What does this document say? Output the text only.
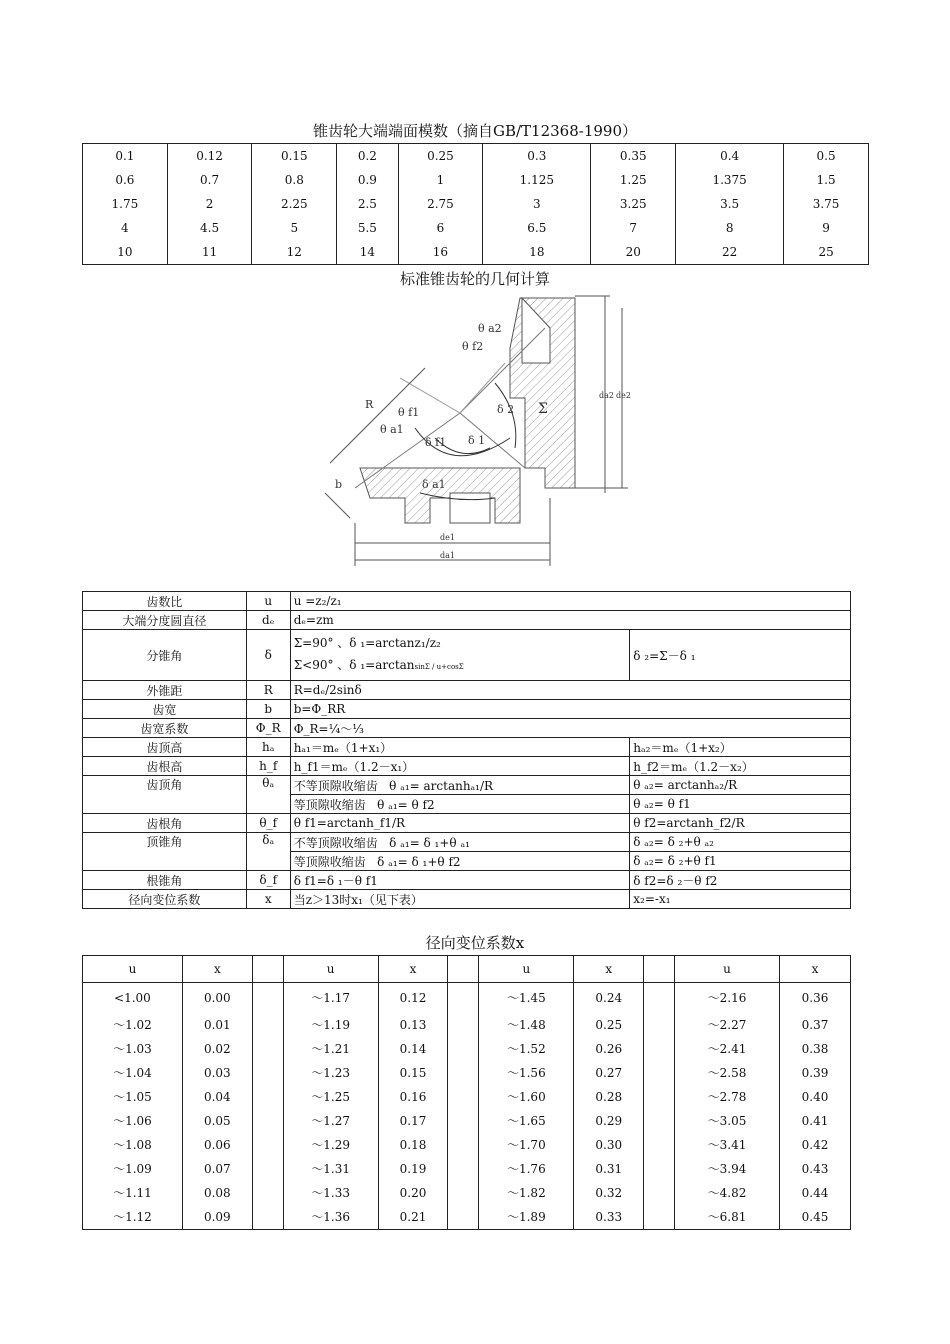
锥齿轮大端端面模数（摘自GB/T12368-1990）
0.1	0.12	0.15	0.2	0.25	0.3	0.35	0.4	0.5
0.6	0.7	0.8	0.9	1	1.125	1.25	1.375	1.5
1.75	2	2.25	2.5	2.75	3	3.25	3.5	3.75
4	4.5	5	5.5	6	6.5	7	8	9
10	11	12	14	16	18	20	22	25
标准锥齿轮的几何计算
θ a2
θ f2
θ f1
θ a1
δ f1 δ 1
δ 2
δ a1
Σ
R
b
da2 de2
de1
da1
齿数比	u	u =z₂/z₁	
大端分度圆直径	dₑ	dₑ=zm	
分锥角	δ	Σ=90° 、δ ₁=arctanz₁/z₂
Σ<90° 、δ ₁=arctansinΣ / u+cosΣ	δ ₂=Σ－δ ₁
外锥距	R	R=dₑ/2sinδ	
齿宽	b	b=Φ_RR	
齿宽系数	Φ_R	Φ_R=¼～⅓	
齿顶高	hₐ	hₐ₁＝mₑ（1+x₁）	hₐ₂＝mₑ（1+x₂）
齿根高	h_f	h_f1＝mₑ（1.2－x₁）	h_f2＝mₑ（1.2－x₂）
齿顶角	θₐ	不等顶隙收缩齿 θ ₐ₁= arctanhₐ₁/R	θ ₐ₂= arctanhₐ₂/R
		等顶隙收缩齿 θ ₐ₁= θ f2	θ ₐ₂= θ f1
齿根角	θ_f	θ f1=arctanh_f1/R	θ f2=arctanh_f2/R
顶锥角	δₐ	不等顶隙收缩齿 δ ₐ₁= δ ₁+θ ₐ₁	δ ₐ₂= δ ₂+θ ₐ₂
		等顶隙收缩齿 δ ₐ₁= δ ₁+θ f2	δ ₐ₂= δ ₂+θ f1
根锥角	δ_f	δ f1=δ ₁－θ f1	δ f2=δ ₂－θ f2
径向变位系数	x	当z＞13时x₁（见下表）	x₂=-x₁
径向变位系数x
u	x		u	x		u	x		u	x
<1.00	0.00		～1.17	0.12		～1.45	0.24		～2.16	0.36
～1.02	0.01		～1.19	0.13		～1.48	0.25		～2.27	0.37
～1.03	0.02		～1.21	0.14		～1.52	0.26		～2.41	0.38
～1.04	0.03		～1.23	0.15		～1.56	0.27		～2.58	0.39
～1.05	0.04		～1.25	0.16		～1.60	0.28		～2.78	0.40
～1.06	0.05		～1.27	0.17		～1.65	0.29		～3.05	0.41
～1.08	0.06		～1.29	0.18		～1.70	0.30		～3.41	0.42
～1.09	0.07		～1.31	0.19		～1.76	0.31		～3.94	0.43
～1.11	0.08		～1.33	0.20		～1.82	0.32		～4.82	0.44
～1.12	0.09		～1.36	0.21		～1.89	0.33		～6.81	0.45
